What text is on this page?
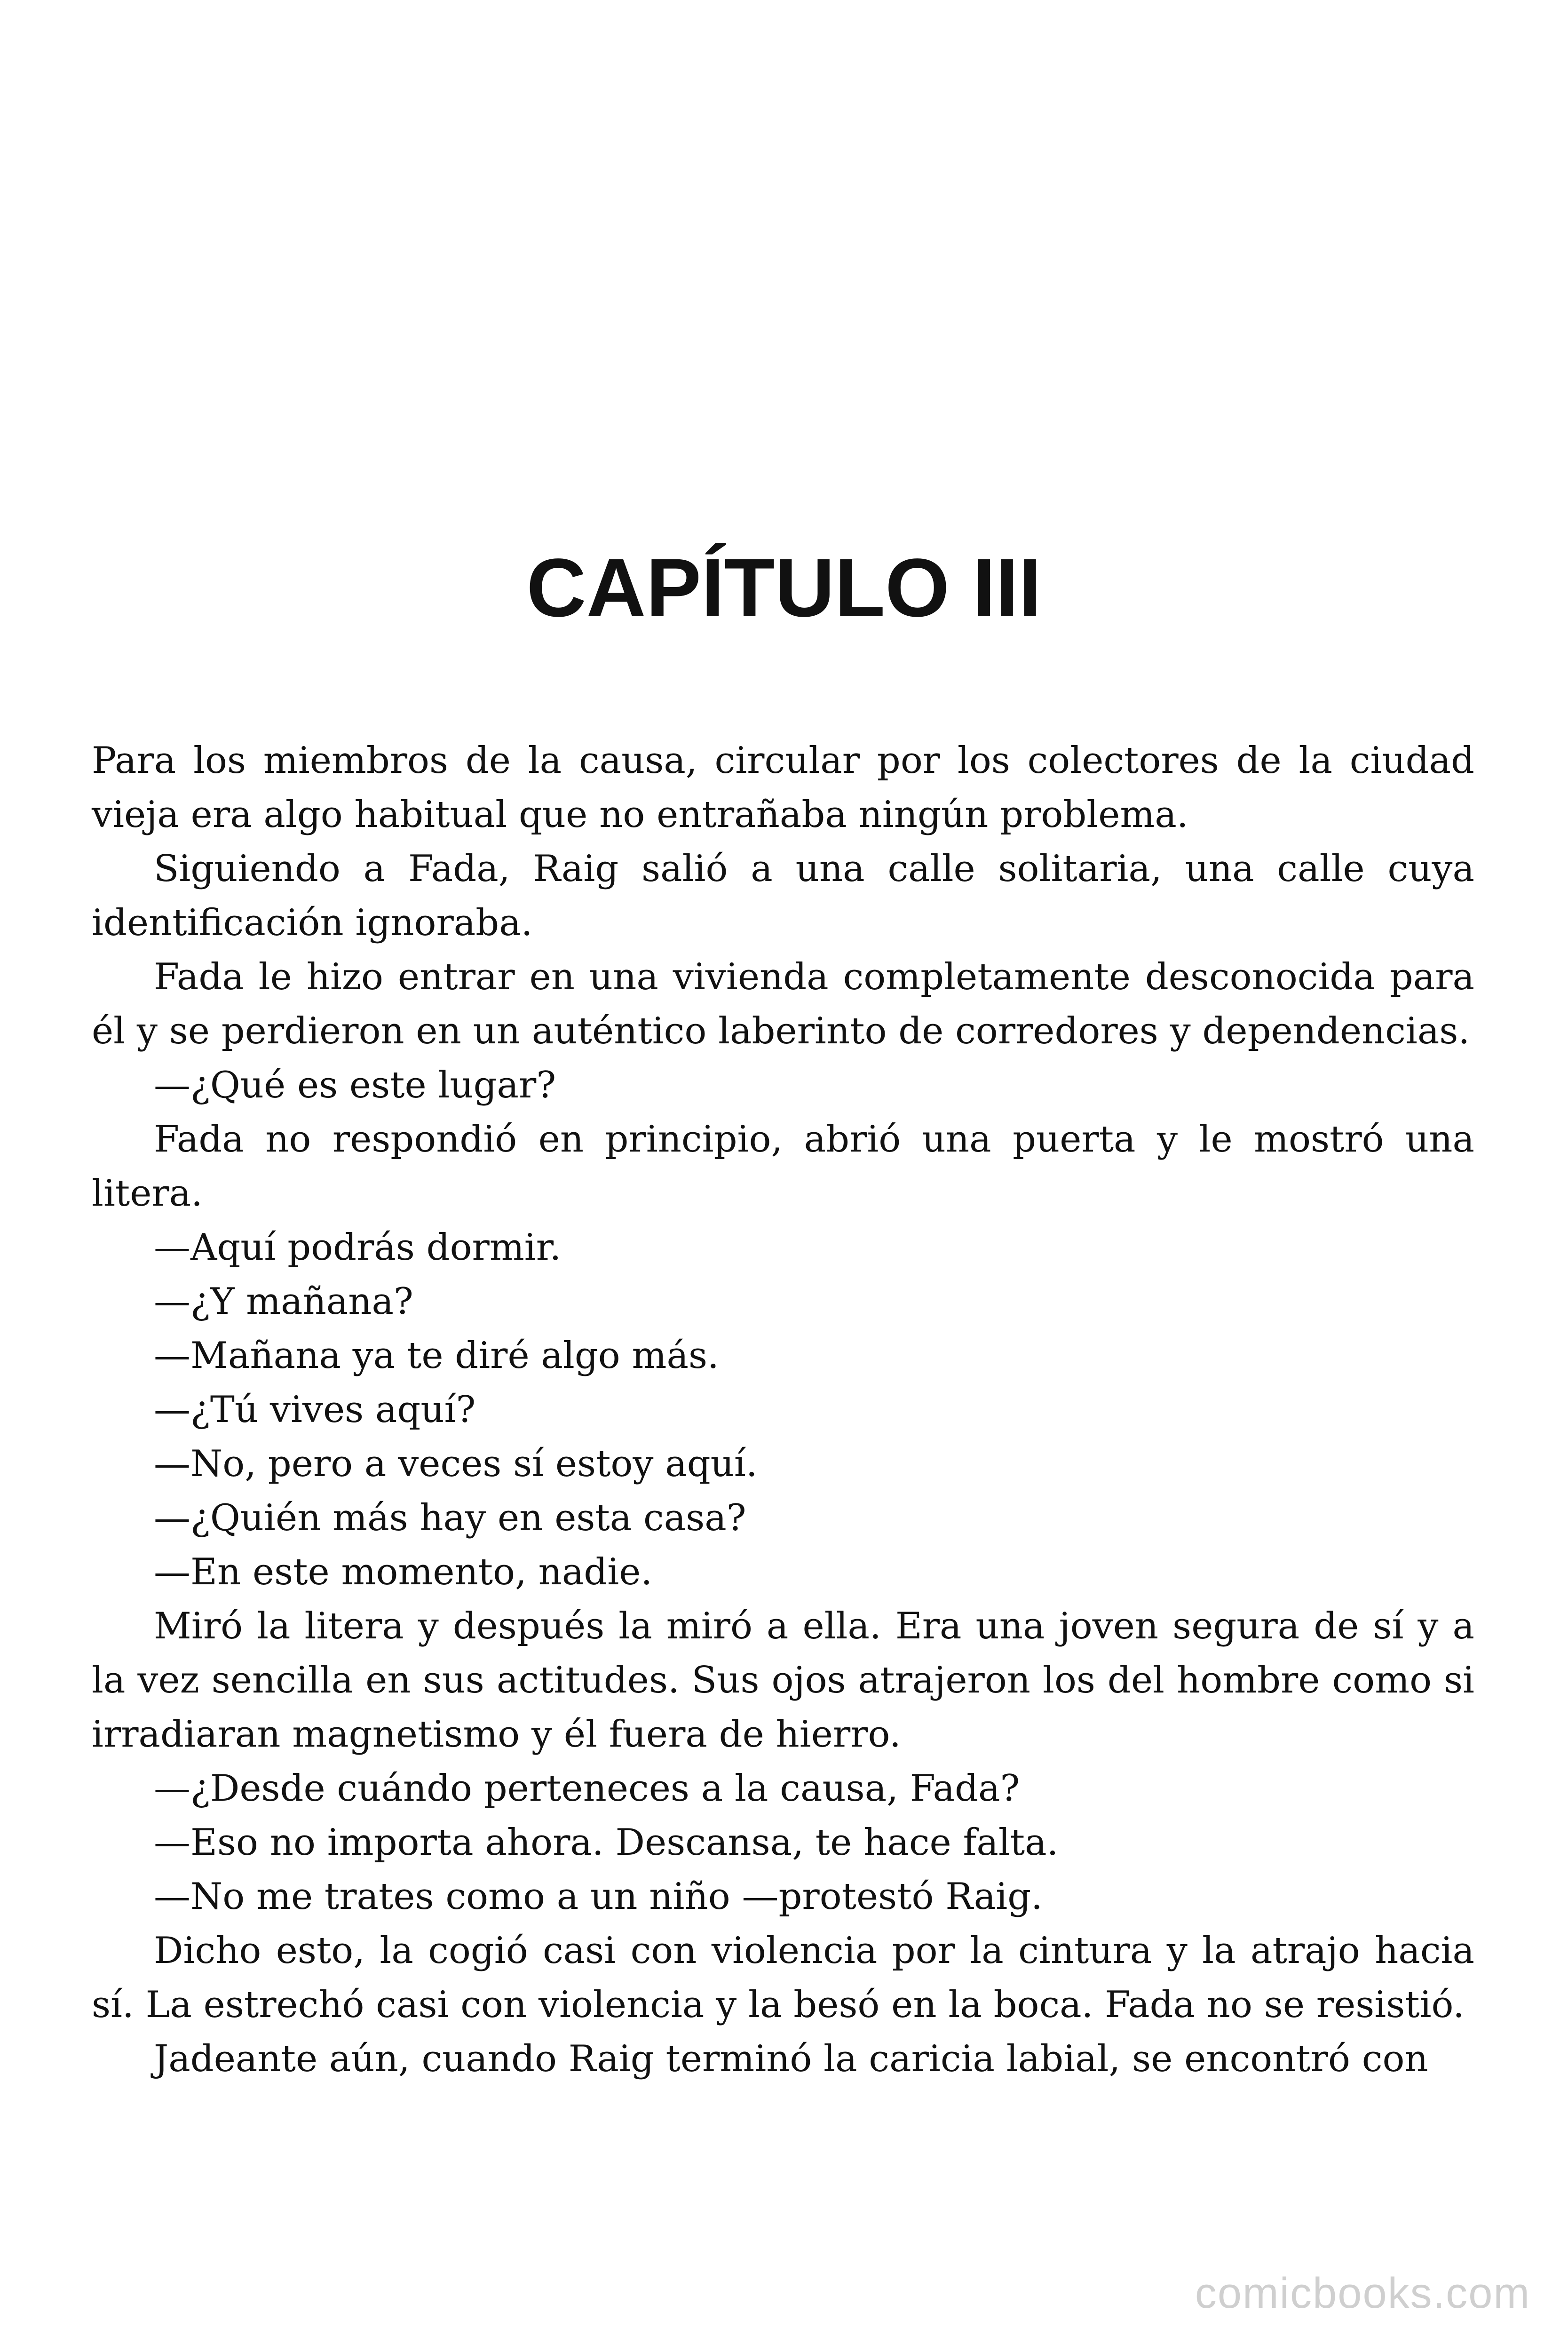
CAPÍTULO III

Para los miembros de la causa, circular por los colectores de la ciudad vieja era algo habitual que no entrañaba ningún problema.

Siguiendo a Fada, Raig salió a una calle solitaria, una calle cuya identificación ignoraba.

Fada le hizo entrar en una vivienda completamente desconocida para él y se perdieron en un auténtico laberinto de corredores y dependencias.

—¿Qué es este lugar?

Fada no respondió en principio, abrió una puerta y le mostró una litera.

—Aquí podrás dormir.

—¿Y mañana?

—Mañana ya te diré algo más.

—¿Tú vives aquí?

—No, pero a veces sí estoy aquí.

—¿Quién más hay en esta casa?

—En este momento, nadie.

Miró la litera y después la miró a ella. Era una joven segura de sí y a la vez sencilla en sus actitudes. Sus ojos atrajeron los del hombre como si irradiaran magnetismo y él fuera de hierro.

—¿Desde cuándo perteneces a la causa, Fada?

—Eso no importa ahora. Descansa, te hace falta.

—No me trates como a un niño —protestó Raig.

Dicho esto, la cogió casi con violencia por la cintura y la atrajo hacia sí. La estrechó casi con violencia y la besó en la boca. Fada no se resistió.

Jadeante aún, cuando Raig terminó la caricia labial, se encontró con

comicbooks.com
